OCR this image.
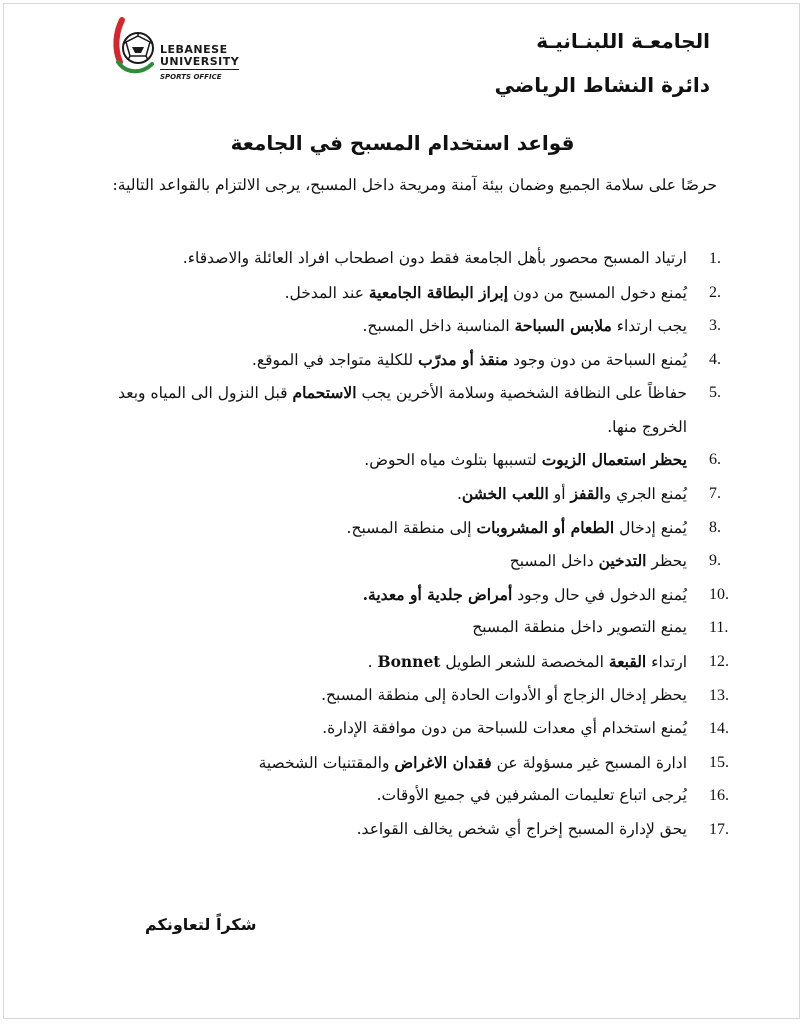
LEBANESE
UNIVERSITY
SPORTS OFFICE
الجامعـة اللبنـانيـة
دائرة النشاط الرياضي
قواعد استخدام المسبح في الجامعة
حرصًا على سلامة الجميع وضمان بيئة آمنة ومريحة داخل المسبح، يرجى الالتزام بالقواعد التالية:
1.
ارتياد المسبح محصور بأهل الجامعة فقط دون اصطحاب افراد العائلة والاصدقاء.
2.
يُمنع دخول المسبح من دون إبراز البطاقة الجامعية عند المدخل.
3.
يجب ارتداء ملابس السباحة المناسبة داخل المسبح.
4.
يُمنع السباحة من دون وجود منقذ أو مدرّب للكلية متواجد في الموقع.
5.
حفاظاً على النظافة الشخصية وسلامة الأخرين يجب الاستحمام قبل النزول الى المياه وبعد الخروج منها.
6.
يحظر استعمال الزيوت لتسببها بتلوث مياه الحوض.
7.
يُمنع الجري والقفز أو اللعب الخشن.
8.
يُمنع إدخال الطعام أو المشروبات إلى منطقة المسبح.
9.
يحظر التدخين داخل المسبح
10.
يُمنع الدخول في حال وجود أمراض جلدية أو معدية.
11.
يمنع التصوير داخل منطقة المسبح
12.
ارتداء القبعة المخصصة للشعر الطويل Bonnet .
13.
يحظر إدخال الزجاج أو الأدوات الحادة إلى منطقة المسبح.
14.
يُمنع استخدام أي معدات للسباحة من دون موافقة الإدارة.
15.
ادارة المسبح غير مسؤولة عن فقدان الاغراض والمقتنيات الشخصية
16.
يُرجى اتباع تعليمات المشرفين في جميع الأوقات.
17.
يحق لإدارة المسبح إخراج أي شخص يخالف القواعد.
شكراً لتعاونكم
